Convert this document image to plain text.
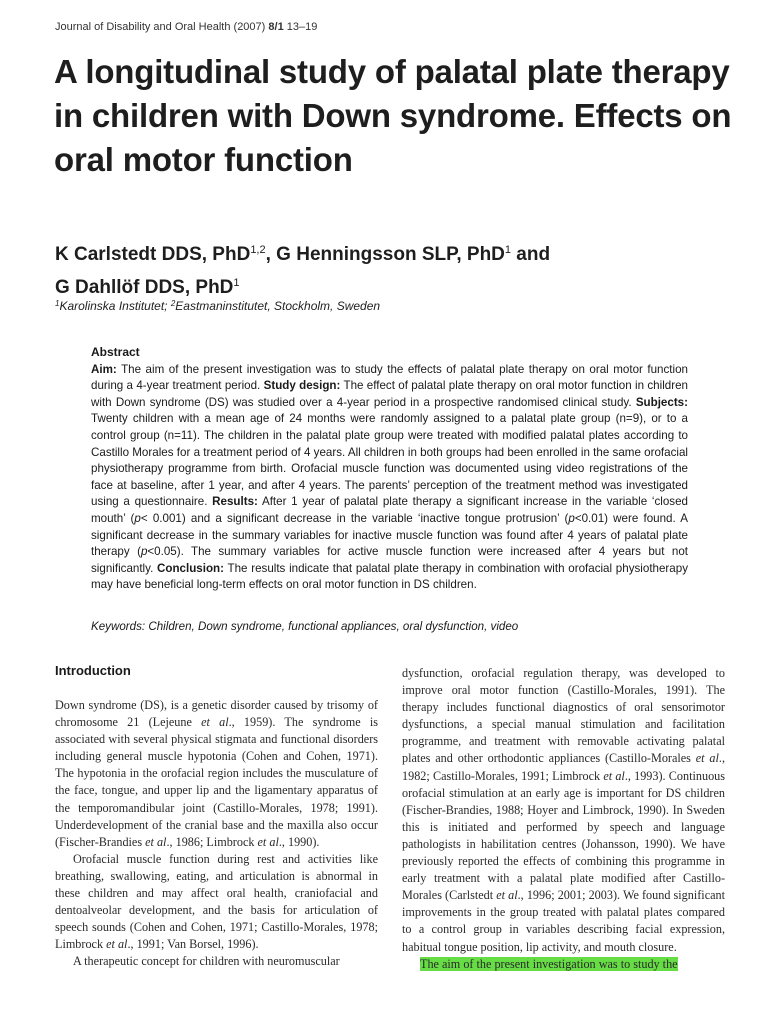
Journal of Disability and Oral Health (2007) 8/1 13–19
A longitudinal study of palatal plate therapy in children with Down syndrome. Effects on oral motor function
K Carlstedt DDS, PhD$^{1,2}$, G Henningsson SLP, PhD$^1$ and
G Dahllöf DDS, PhD$^1$
$^1$Karolinska Institutet; $^2$Eastmaninstitutet, Stockholm, Sweden
Abstract
Aim: The aim of the present investigation was to study the effects of palatal plate therapy on oral motor function during a 4-year treatment period. Study design: The effect of palatal plate therapy on oral motor function in children with Down syndrome (DS) was studied over a 4-year period in a prospective randomised clinical study. Subjects: Twenty children with a mean age of 24 months were randomly assigned to a palatal plate group (n=9), or to a control group (n=11). The children in the palatal plate group were treated with modified palatal plates according to Castillo Morales for a treatment period of 4 years. All children in both groups had been enrolled in the same orofacial physiotherapy programme from birth. Orofacial muscle function was documented using video registrations of the face at baseline, after 1 year, and after 4 years. The parents’ perception of the treatment method was investigated using a questionnaire. Results: After 1 year of palatal plate therapy a significant increase in the variable ‘closed mouth’ (p< 0.001) and a significant decrease in the variable ‘inactive tongue protrusion’ (p<0.01) were found. A significant decrease in the summary variables for inactive muscle function was found after 4 years of palatal plate therapy (p<0.05). The summary variables for active muscle function were increased after 4 years but not significantly. Conclusion: The results indicate that palatal plate therapy in combination with orofacial physiotherapy may have beneficial long-term effects on oral motor function in DS children.
Keywords: Children, Down syndrome, functional appliances, oral dysfunction, video
Introduction

Down syndrome (DS), is a genetic disorder caused by trisomy of chromosome 21 (Lejeune et al., 1959). The syndrome is associated with several physical stigmata and functional disorders including general muscle hypotonia (Cohen and Cohen, 1971). The hypotonia in the orofacial region includes the musculature of the face, tongue, and upper lip and the ligamentary apparatus of the temporomandibular joint (Castillo-Morales, 1978; 1991). Underdevelopment of the cranial base and the maxilla also occur (Fischer-Brandies et al., 1986; Limbrock et al., 1990).

Orofacial muscle function during rest and activities like breathing, swallowing, eating, and articulation is abnormal in these children and may affect oral health, craniofacial and dentoalveolar development, and the basis for articulation of speech sounds (Cohen and Cohen, 1971; Castillo-Morales, 1978; Limbrock et al., 1991; Van Borsel, 1996).

A therapeutic concept for children with neuromuscular

dysfunction, orofacial regulation therapy, was developed to improve oral motor function (Castillo-Morales, 1991). The therapy includes functional diagnostics of oral sensorimotor dysfunctions, a special manual stimulation and facilitation programme, and treatment with removable activating palatal plates and other orthodontic appliances (Castillo-Morales et al., 1982; Castillo-Morales, 1991; Limbrock et al., 1993). Continuous orofacial stimulation at an early age is important for DS children (Fischer-Brandies, 1988; Hoyer and Limbrock, 1990). In Sweden this is initiated and performed by speech and language pathologists in habilitation centres (Johansson, 1990). We have previously reported the effects of combining this programme in early treatment with a palatal plate modified after Castillo-Morales (Carlstedt et al., 1996; 2001; 2003). We found significant improvements in the group treated with palatal plates compared to a control group in variables describing facial expression, habitual tongue position, lip activity, and mouth closure.

The aim of the present investigation was to study the
